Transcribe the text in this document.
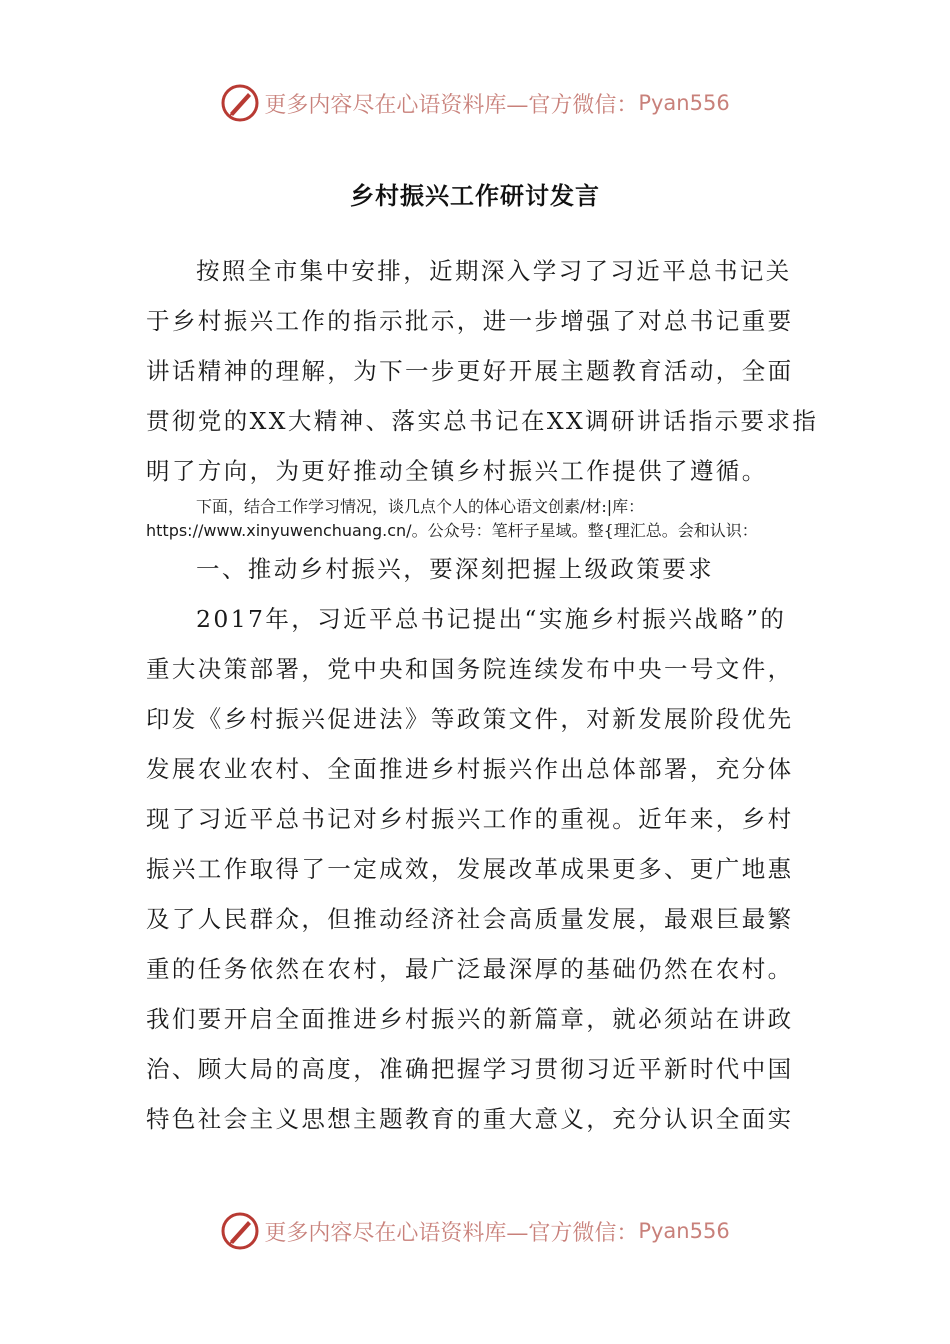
更多内容尽在心语资料库—官方微信： Pyan556
乡村振兴工作研讨发言
按照全市集中安排，近期深入学习了习近平总书记关
于乡村振兴工作的指示批示，进一步增强了对总书记重要
讲话精神的理解，为下一步更好开展主题教育活动，全面
贯彻党的XX大精神、落实总书记在XX调研讲话指示要求指
明了方向，为更好推动全镇乡村振兴工作提供了遵循。
下面，结合工作学习情况，谈几点个人的体心语文创素/材:|库：
https://www.xinyuwenchuang.cn/。公众号：笔杆子星域。整{理汇总。会和认识：
一、推动乡村振兴，要深刻把握上级政策要求
2017年，习近平总书记提出“实施乡村振兴战略”的
重大决策部署，党中央和国务院连续发布中央一号文件，
印发《乡村振兴促进法》等政策文件，对新发展阶段优先
发展农业农村、全面推进乡村振兴作出总体部署，充分体
现了习近平总书记对乡村振兴工作的重视。近年来，乡村
振兴工作取得了一定成效，发展改革成果更多、更广地惠
及了人民群众，但推动经济社会高质量发展，最艰巨最繁
重的任务依然在农村，最广泛最深厚的基础仍然在农村。
我们要开启全面推进乡村振兴的新篇章，就必须站在讲政
治、顾大局的高度，准确把握学习贯彻习近平新时代中国
特色社会主义思想主题教育的重大意义，充分认识全面实
更多内容尽在心语资料库—官方微信： Pyan556
